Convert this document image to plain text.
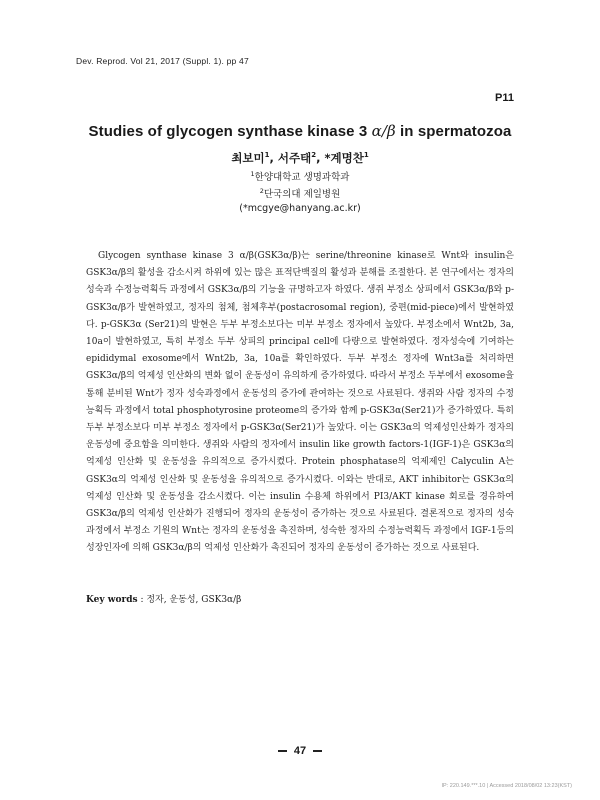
Dev. Reprod. Vol 21, 2017 (Suppl. 1). pp 47
P11
Studies of glycogen synthase kinase 3 α/β in spermatozoa
최보미$^1$, 서주태$^2$, *계명찬$^1$
$^1$한양대학교 생명과학과
$^2$단국의대 제일병원
(*mcgye@hanyang.ac.kr)

Glycogen synthase kinase 3 α/β(GSK3α/β)는 serine/threonine kinase로 Wnt와 insulin은 GSK3α/β의 활성을 감소시켜 하위에 있는 많은 표적단백질의 활성과 분해를 조절한다. 본 연구에서는 정자의 성숙과 수정능력획득 과정에서 GSK3α/β의 기능을 규명하고자 하였다. 생쥐 부정소 상피에서 GSK3α/β와 p-GSK3α/β가 발현하였고, 정자의 첨체, 첨체후부(postacrosomal region), 중편(mid-piece)에서 발현하였다. p-GSK3α (Ser21)의 발현은 두부 부정소보다는 미부 부정소 정자에서 높았다. 부정소에서 Wnt2b, 3a, 10a이 발현하였고, 특히 부정소 두부 상피의 principal cell에 다량으로 발현하였다. 정자성숙에 기여하는 epididymal exosome에서 Wnt2b, 3a, 10a를 확인하였다. 두부 부정소 정자에 Wnt3a를 처리하면 GSK3α/β의 억제성 인산화의 변화 없이 운동성이 유의하게 증가하였다. 따라서 부정소 두부에서 exosome을 통해 분비된 Wnt가 정자 성숙과정에서 운동성의 증가에 관여하는 것으로 사료된다. 생쥐와 사람 정자의 수정능획득 과정에서 total phosphotyrosine proteome의 증가와 함께 p-GSK3α(Ser21)가 증가하였다. 특히 두부 부정소보다 미부 부정소 정자에서 p-GSK3α(Ser21)가 높았다. 이는 GSK3α의 억제성인산화가 정자의 운동성에 중요함을 의미한다. 생쥐와 사람의 정자에서 insulin like growth factors-1(IGF-1)은 GSK3α의 억제성 인산화 및 운동성을 유의적으로 증가시켰다. Protein phosphatase의 억제제인 Calyculin A는 GSK3α의 억제성 인산화 및 운동성을 유의적으로 증가시켰다. 이와는 반대로, AKT inhibitor는 GSK3α의 억제성 인산화 및 운동성을 감소시켰다. 이는 insulin 수용체 하위에서 PI3/AKT kinase 회로를 경유하여 GSK3α/β의 억제성 인산화가 진행되어 정자의 운동성이 증가하는 것으로 사료된다. 결론적으로 정자의 성숙과정에서 부정소 기원의 Wnt는 정자의 운동성을 촉진하며, 성숙한 정자의 수정능력획득 과정에서 IGF-1등의 성장인자에 의해 GSK3α/β의 억제성 인산화가 촉진되어 정자의 운동성이 증가하는 것으로 사료된다.

Key words : 정자, 운동성, GSK3α/β
47
IP: 220.149.***.10 | Accessed 2018/08/02 13:23(KST)
